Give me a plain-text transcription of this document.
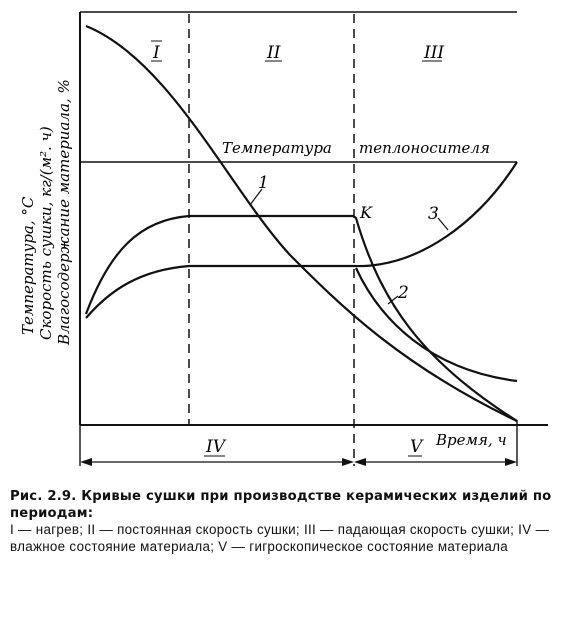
I	II	III
IV	V
1
2
3
K
Температура теплоносителя
Время, ч
Температура, °С Скорость сушки, кг/(м². ч) Влагосодержание материала, %
Рис. 2.9. Кривые сушки при производстве керамических изделий по периодам:
I — нагрев; II — постоянная скорость сушки; III — падающая скорость сушки; IV — влажное состояние материала; V — гигроскопическое состояние материала
